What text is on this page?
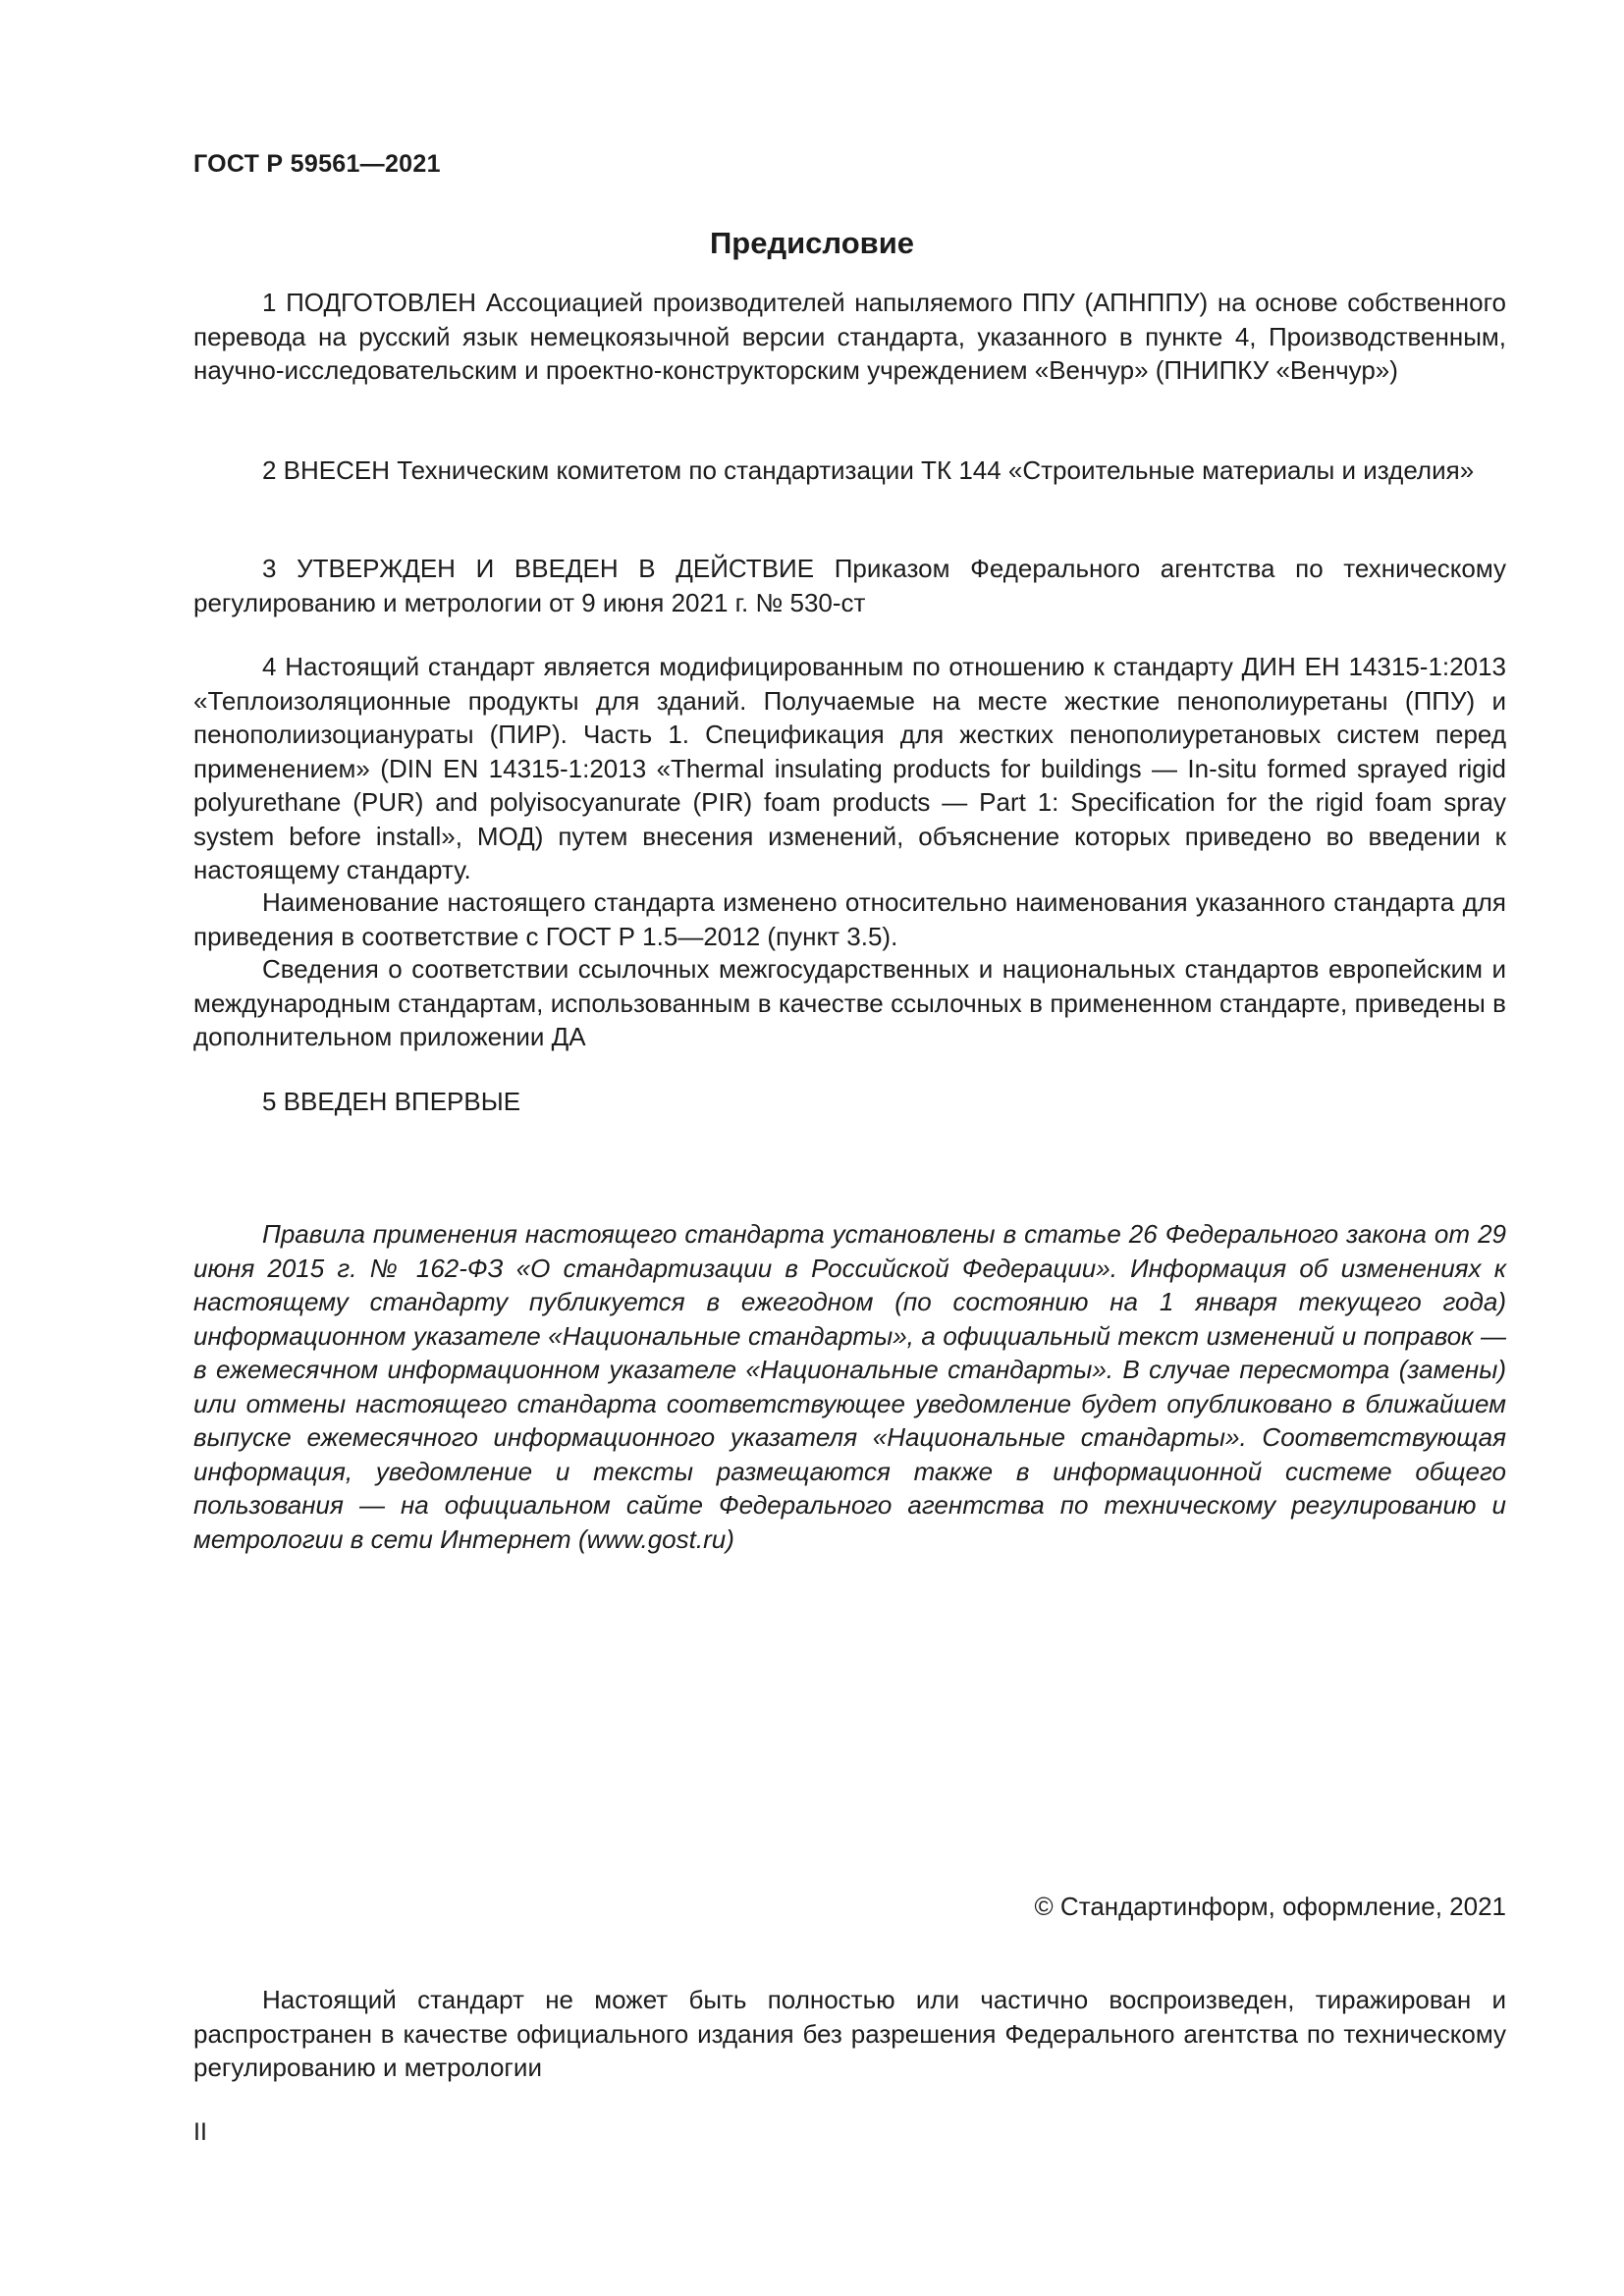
ГОСТ Р 59561—2021
Предисловие

1 ПОДГОТОВЛЕН Ассоциацией производителей напыляемого ППУ (АПНППУ) на основе собственного перевода на русский язык немецкоязычной версии стандарта, указанного в пункте 4, Производственным, научно-исследовательским и проектно-конструкторским учреждением «Венчур» (ПНИПКУ «Венчур»)

2 ВНЕСЕН Техническим комитетом по стандартизации ТК 144 «Строительные материалы и изделия»

3 УТВЕРЖДЕН И ВВЕДЕН В ДЕЙСТВИЕ Приказом Федерального агентства по техническому регулированию и метрологии от 9 июня 2021 г. № 530-ст

4 Настоящий стандарт является модифицированным по отношению к стандарту ДИН ЕН 14315-1:2013 «Теплоизоляционные продукты для зданий. Получаемые на месте жесткие пенополиуретаны (ППУ) и пенополиизоцианураты (ПИР). Часть 1. Спецификация для жестких пенополиуретановых систем перед применением» (DIN EN 14315-1:2013 «Thermal insulating products for buildings — In-situ formed sprayed rigid polyurethane (PUR) and polyisocyanurate (PIR) foam products — Part 1: Specification for the rigid foam spray system before install», МОД) путем внесения изменений, объяснение которых приведено во введении к настоящему стандарту.

Наименование настоящего стандарта изменено относительно наименования указанного стандарта для приведения в соответствие с ГОСТ Р 1.5—2012 (пункт 3.5).

Сведения о соответствии ссылочных межгосударственных и национальных стандартов европейским и международным стандартам, использованным в качестве ссылочных в примененном стандарте, приведены в дополнительном приложении ДА

5 ВВЕДЕН ВПЕРВЫЕ

Правила применения настоящего стандарта установлены в статье 26 Федерального закона от 29 июня 2015 г. № 162-ФЗ «О стандартизации в Российской Федерации». Информация об изменениях к настоящему стандарту публикуется в ежегодном (по состоянию на 1 января текущего года) информационном указателе «Национальные стандарты», а официальный текст изменений и поправок — в ежемесячном информационном указателе «Национальные стандарты». В случае пересмотра (замены) или отмены настоящего стандарта соответствующее уведомление будет опубликовано в ближайшем выпуске ежемесячного информационного указателя «Национальные стандарты». Соответствующая информация, уведомление и тексты размещаются также в информационной системе общего пользования — на официальном сайте Федерального агентства по техническому регулированию и метрологии в сети Интернет (www.gost.ru)

© Стандартинформ, оформление, 2021

Настоящий стандарт не может быть полностью или частично воспроизведен, тиражирован и распространен в качестве официального издания без разрешения Федерального агентства по техническому регулированию и метрологии

II
